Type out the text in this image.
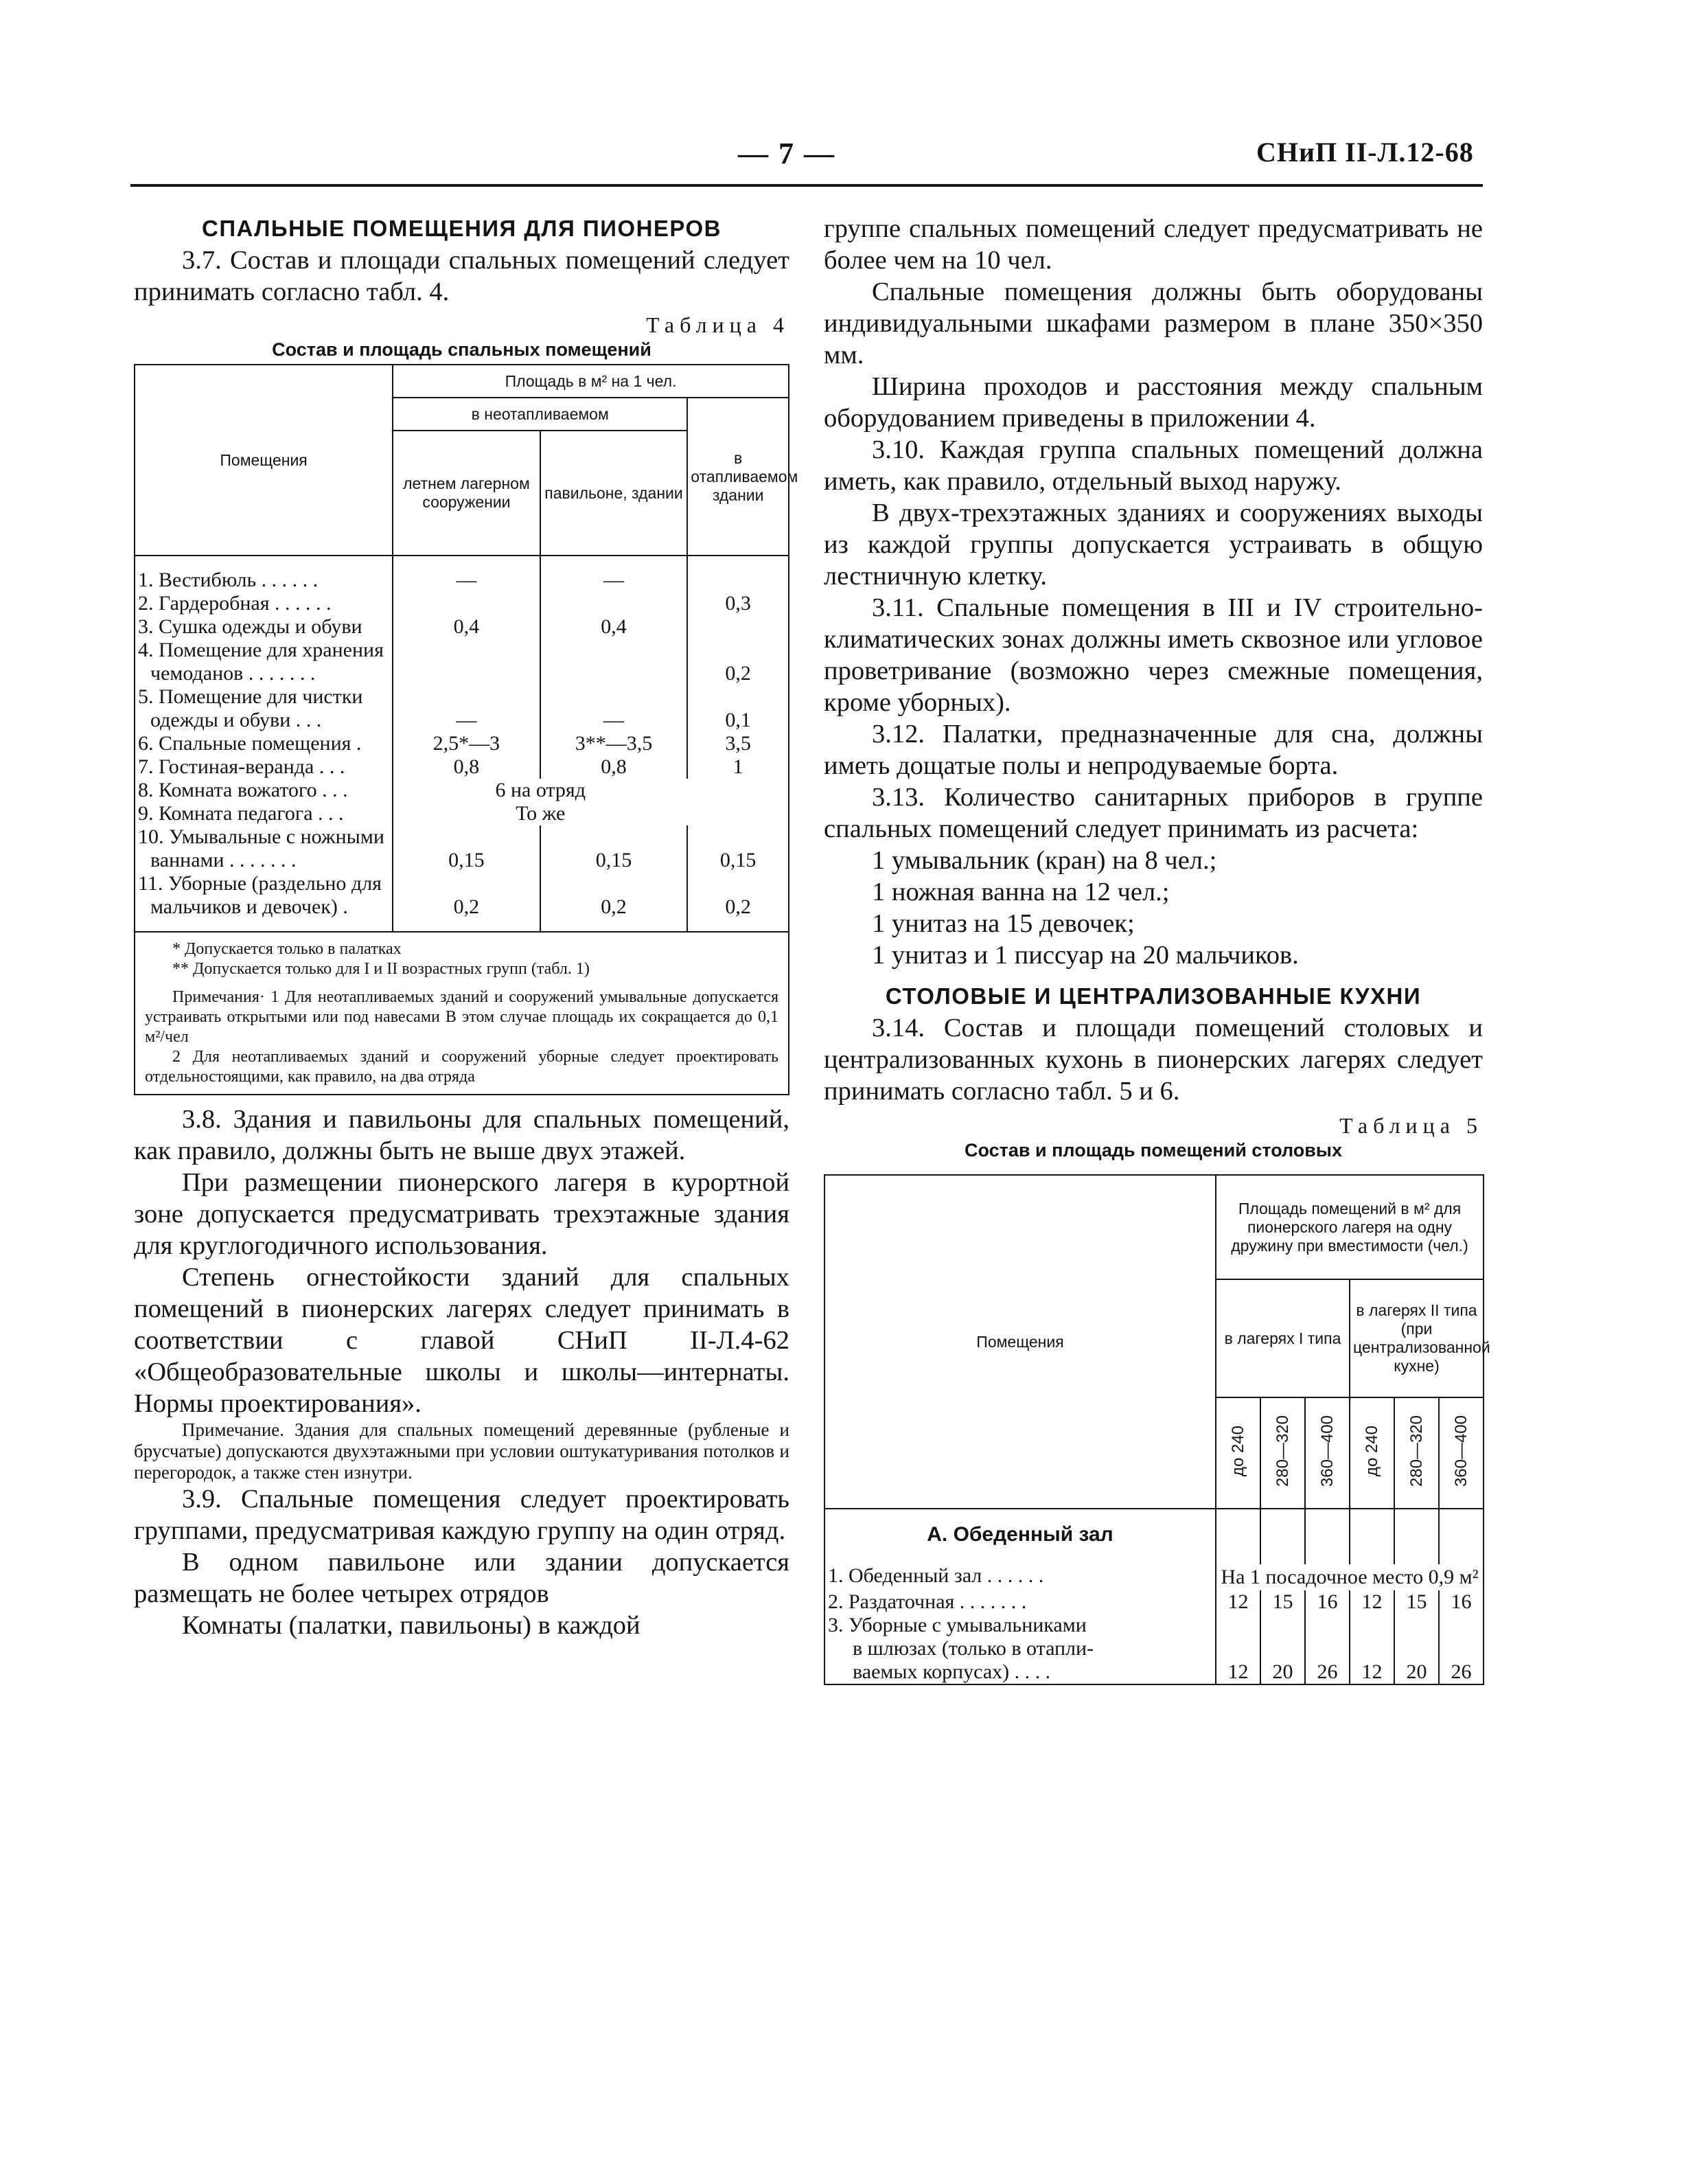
— 7 —	СНиП II-Л.12-68

СПАЛЬНЫЕ ПОМЕЩЕНИЯ ДЛЯ ПИОНЕРОВ

3.7. Состав и площади спальных помещений следует принимать согласно табл. 4.

Таблица 4
Состав и площадь спальных помещений
Помещения	Площадь в м² на 1 чел.		
	в неотапливаемом		в отапливаемом здании
	летнем лагерном сооружении	павильоне, здании	

1. Вестибюль . . . . . .	—	—	
2. Гардеробная . . . . . .			0,3
3. Сушка одежды и обуви	0,4	0,4	
4. Помещение для хранения			
чемоданов . . . . . . .			0,2
5. Помещение для чистки			
одежды и обуви . . .	—	—	0,1
6. Спальные помещения .	2,5*—3	3**—3,5	3,5
7. Гостиная-веранда . . .	0,8	0,8	1
8. Комната вожатого . . .	6 на отряд		
9. Комната педагога . . .	То же		
10. Умывальные с ножными			
ваннами . . . . . . .	0,15	0,15	0,15
11. Уборные (раздельно для			
мальчиков и девочек) .	0,2	0,2	0,2

* Допускается только в палатках

** Допускается только для I и II возрастных групп (табл. 1)

Примечания· 1 Для неотапливаемых зданий и сооружений умывальные допускается устраивать открытыми или под навесами В этом случае площадь их сокращается до 0,1 м²/чел

2 Для неотапливаемых зданий и сооружений уборные следует проектировать отдельностоящими, как правило, на два отряда			

3.8. Здания и павильоны для спальных помещений, как правило, должны быть не выше двух этажей.

При размещении пионерского лагеря в курортной зоне допускается предусматривать трехэтажные здания для круглогодичного использования.

Степень огнестойкости зданий для спальных помещений в пионерских лагерях следует принимать в соответствии с главой СНиП II-Л.4-62 «Общеобразовательные школы и школы—интернаты. Нормы проектирования».

Примечание. Здания для спальных помещений деревянные (рубленые и брусчатые) допускаются двухэтажными при условии оштукатуривания потолков и перегородок, а также стен изнутри.

3.9. Спальные помещения следует проектировать группами, предусматривая каждую группу на один отряд.

В одном павильоне или здании допускается размещать не более четырех отрядов

Комнаты (палатки, павильоны) в каждой

группе спальных помещений следует предусматривать не более чем на 10 чел.

Спальные помещения должны быть оборудованы индивидуальными шкафами размером в плане 350×350 мм.

Ширина проходов и расстояния между спальным оборудованием приведены в приложении 4.

3.10. Каждая группа спальных помещений должна иметь, как правило, отдельный выход наружу.

В двух-трехэтажных зданиях и сооружениях выходы из каждой группы допускается устраивать в общую лестничную клетку.

3.11. Спальные помещения в III и IV строительно-климатических зонах должны иметь сквозное или угловое проветривание (возможно через смежные помещения, кроме уборных).

3.12. Палатки, предназначенные для сна, должны иметь дощатые полы и непродуваемые борта.

3.13. Количество санитарных приборов в группе спальных помещений следует принимать из расчета:

1 умывальник (кран) на 8 чел.;

1 ножная ванна на 12 чел.;

1 унитаз на 15 девочек;

1 унитаз и 1 писсуар на 20 мальчиков.

СТОЛОВЫЕ И ЦЕНТРАЛИЗОВАННЫЕ КУХНИ

3.14. Состав и площади помещений столовых и централизованных кухонь в пионерских лагерях следует принимать согласно табл. 5 и 6.

Таблица 5
Состав и площадь помещений столовых
Помещения	Площадь помещений в м² для пионерского лагеря на одну дружину при вместимости (чел.)					
	в лагерях I типа			в лагерях II типа (при централизованной кухне)		
	до 240	280—320	360—400	до 240	280—320	360—400

А. Обеденный зал						
1. Обеденный зал . . . . . .	На 1 посадочное место 0,9 м²					

2. Раздаточная . . . . . . .	12	15	16	12	15	16
3. Уборные с умывальниками						
в шлюзах (только в отапли-						
ваемых корпусах) . . . .	12	20	26	12	20	26
